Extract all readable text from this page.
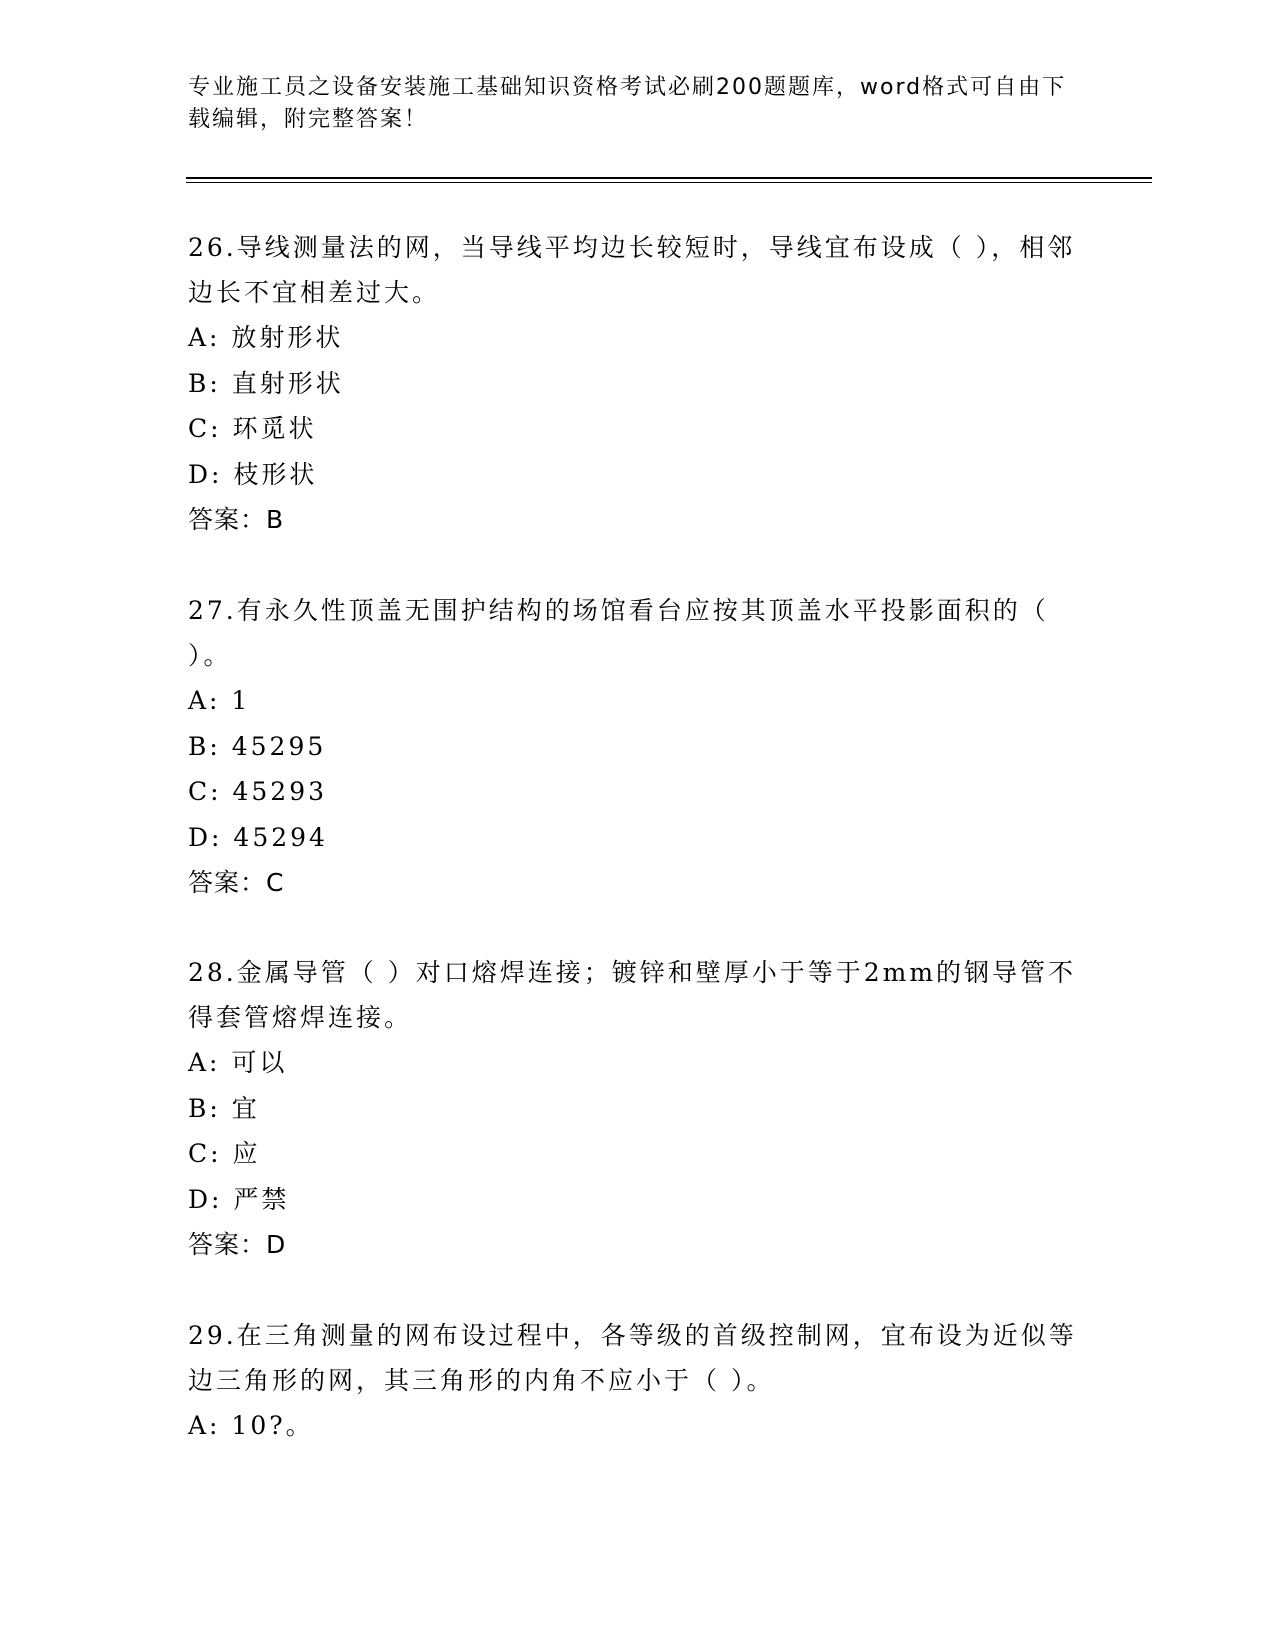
专业施工员之设备安装施工基础知识资格考试必刷200题题库，word格式可自由下载编辑，附完整答案！
26.导线测量法的网，当导线平均边长较短时，导线宜布设成（ ），相邻边长不宜相差过大。
A: 放射形状
B: 直射形状
C: 环觅状
D: 枝形状
答案：B
27.有永久性顶盖无围护结构的场馆看台应按其顶盖水平投影面积的（ ）。
A: 1
B: 45295
C: 45293
D: 45294
答案：C
28.金属导管（ ）对口熔焊连接；镀锌和壁厚小于等于2mm的钢导管不得套管熔焊连接。
A: 可以
B: 宜
C: 应
D: 严禁
答案：D
29.在三角测量的网布设过程中，各等级的首级控制网，宜布设为近似等边三角形的网，其三角形的内角不应小于（ ）。
A: 10?。
